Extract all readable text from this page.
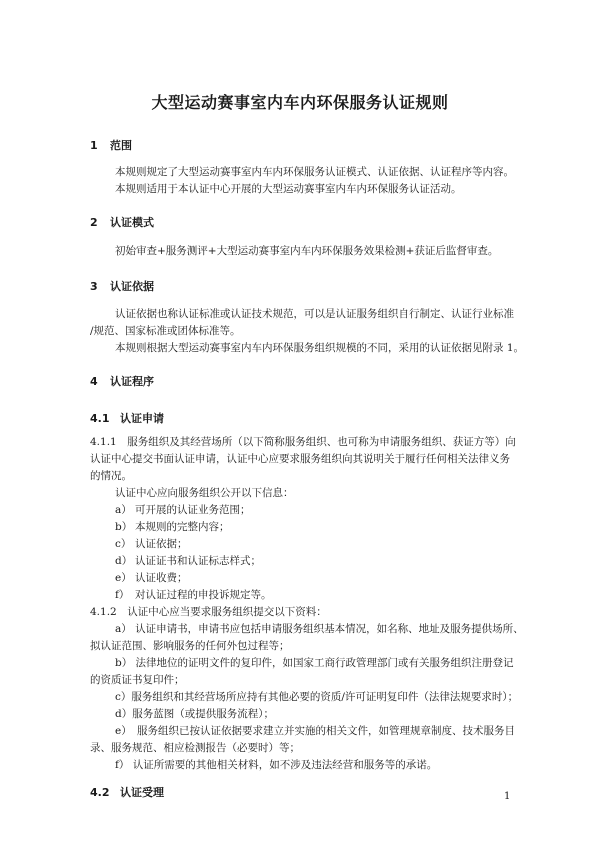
大型运动赛事室内车内环保服务认证规则
1 范围
本规则规定了大型运动赛事室内车内环保服务认证模式、认证依据、认证程序等内容。
本规则适用于本认证中心开展的大型运动赛事室内车内环保服务认证活动。
2 认证模式
初始审查+服务测评+大型运动赛事室内车内环保服务效果检测+获证后监督审查。
3 认证依据
认证依据也称认证标准或认证技术规范，可以是认证服务组织自行制定、认证行业标准
/规范、国家标准或团体标准等。
本规则根据大型运动赛事室内车内环保服务组织规模的不同，采用的认证依据见附录 1。
4 认证程序
4.1 认证申请
4.1.1　服务组织及其经营场所（以下简称服务组织、也可称为申请服务组织、获证方等）向
认证中心提交书面认证申请，认证中心应要求服务组织向其说明关于履行任何相关法律义务
的情况。
认证中心应向服务组织公开以下信息：
a） 可开展的认证业务范围；
b） 本规则的完整内容；
c） 认证依据；
d） 认证证书和认证标志样式；
e） 认证收费；
f） 对认证过程的申投诉规定等。
4.1.2　认证中心应当要求服务组织提交以下资料：
a） 认证申请书，申请书应包括申请服务组织基本情况，如名称、地址及服务提供场所、
拟认证范围、影响服务的任何外包过程等；
b） 法律地位的证明文件的复印件，如国家工商行政管理部门或有关服务组织注册登记
的资质证书复印件；
c）服务组织和其经营场所应持有其他必要的资质/许可证明复印件（法律法规要求时）；
d）服务蓝图（或提供服务流程）；
e）　服务组织已按认证依据要求建立并实施的相关文件，如管理规章制度、技术服务目
录、服务规范、相应检测报告（必要时）等；
f） 认证所需要的其他相关材料，如不涉及违法经营和服务等的承诺。
4.2 认证受理	1
